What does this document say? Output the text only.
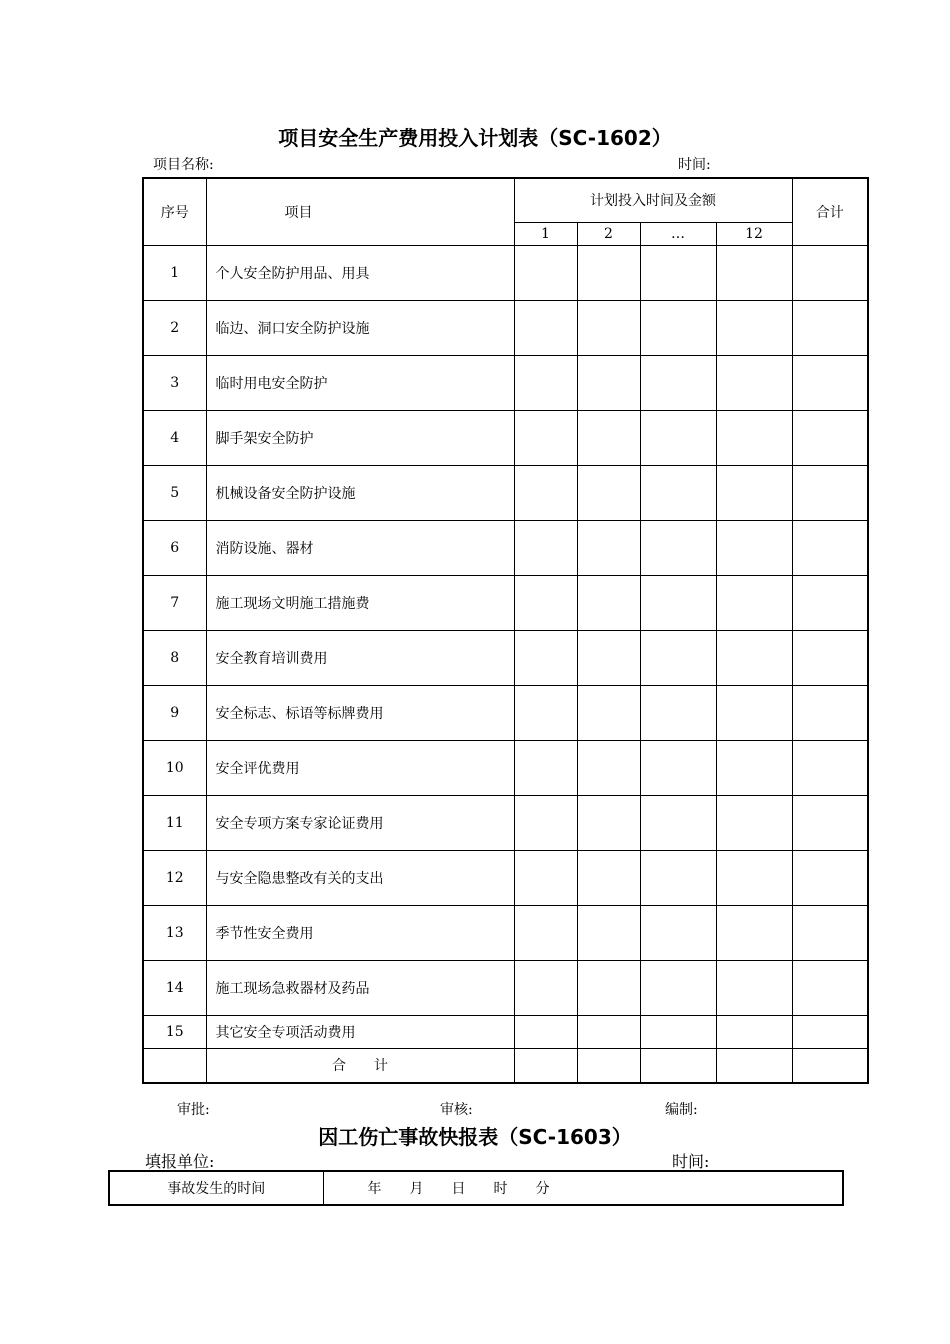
项目安全生产费用投入计划表（SC-1602）
项目名称:	时间:
序号	项目	计划投入时间及金额				合计
		1	2	…	12	
1	个人安全防护用品、用具					
2	临边、洞口安全防护设施					
3	临时用电安全防护					
4	脚手架安全防护					
5	机械设备安全防护设施					
6	消防设施、器材					
7	施工现场文明施工措施费					
8	安全教育培训费用					
9	安全标志、标语等标牌费用					
10	安全评优费用					
11	安全专项方案专家论证费用					
12	与安全隐患整改有关的支出					
13	季节性安全费用					
14	施工现场急救器材及药品					
15	其它安全专项活动费用					
	合　　计					
审批:	审核:	编制:
因工伤亡事故快报表（SC-1603）
填报单位:	时间:
事故发生的时间	年　　月　　日　　时　　分
